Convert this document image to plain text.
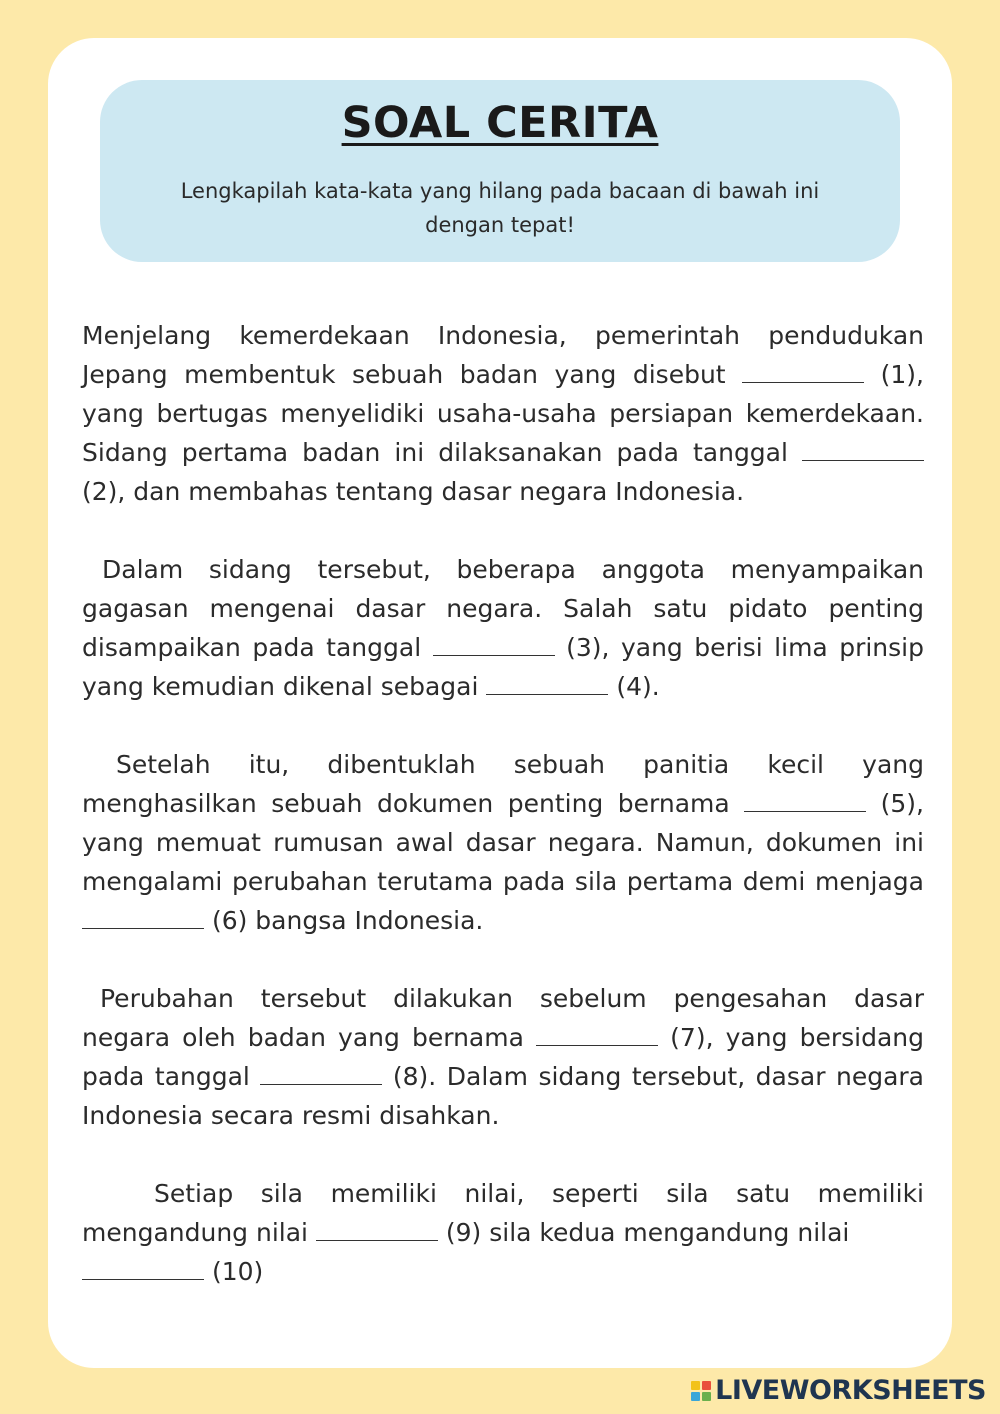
SOAL CERITA
Lengkapilah kata-kata yang hilang pada bacaan di bawah ini dengan tepat!

Menjelang kemerdekaan Indonesia, pemerintah pendudukan Jepang membentuk sebuah badan yang disebut	(1), yang bertugas menyelidiki usaha-usaha persiapan kemerdekaan. Sidang pertama badan ini dilaksanakan pada tanggal  (2), dan membahas tentang dasar negara Indonesia.

Dalam sidang tersebut, beberapa anggota menyampaikan gagasan mengenai dasar negara. Salah satu pidato penting disampaikan pada tanggal	(3), yang berisi lima prinsip yang kemudian dikenal sebagai	(4).

Setelah itu, dibentuklah sebuah panitia kecil yang menghasilkan sebuah dokumen penting bernama	(5), yang memuat rumusan awal dasar negara. Namun, dokumen ini mengalami perubahan terutama pada sila pertama demi menjaga  (6) bangsa Indonesia.

Perubahan tersebut dilakukan sebelum pengesahan dasar negara oleh badan yang bernama	(7), yang bersidang pada tanggal	(8). Dalam sidang tersebut, dasar negara Indonesia secara resmi disahkan.

Setiap sila memiliki nilai, seperti sila satu memiliki mengandung nilai	(9) sila kedua mengandung nilai
(10)

LIVEWORKSHEETS
